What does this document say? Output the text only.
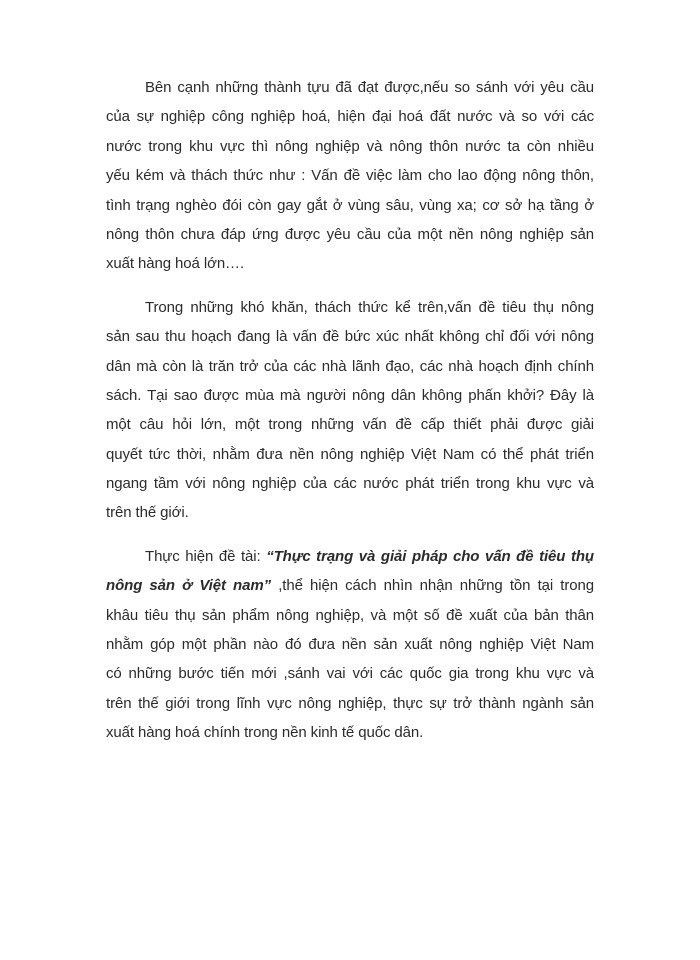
Bên cạnh những thành tựu đã đạt được,nếu so sánh với yêu cầu
của sự nghiệp công nghiệp hoá, hiện đại hoá đất nước và so với các
nước trong khu vực thì nông nghiệp và nông thôn nước ta còn nhiều
yếu kém và thách thức như : Vấn đề việc làm cho lao động nông thôn,
tình trạng nghèo đói còn gay gắt ở vùng sâu, vùng xa; cơ sở hạ tầng ở
nông thôn chưa đáp ứng được yêu cầu của một nền nông nghiệp sản
xuất hàng hoá lớn….
Trong những khó khăn, thách thức kể trên,vấn đề tiêu thụ nông
sản sau thu hoạch đang là vấn đề bức xúc nhất không chỉ đối với nông
dân mà còn là trăn trở của các nhà lãnh đạo, các nhà hoạch định chính
sách. Tại sao được mùa mà người nông dân không phấn khởi? Đây là
một câu hỏi lớn, một trong những vấn đề cấp thiết phải được giải
quyết tức thời, nhằm đưa nền nông nghiệp Việt Nam có thể phát triển
ngang tầm với nông nghiệp của các nước phát triển trong khu vực và
trên thế giới.
Thực hiện đề tài: “Thực trạng và giải pháp cho vấn đề tiêu thụ
nông sản ở Việt nam” ,thể hiện cách nhìn nhận những tồn tại trong
khâu tiêu thụ sản phẩm nông nghiệp, và một số đề xuất của bản thân
nhằm góp một phần nào đó đưa nền sản xuất nông nghiệp Việt Nam
có những bước tiến mới ,sánh vai với các quốc gia trong khu vực và
trên thế giới trong lĩnh vực nông nghiệp, thực sự trở thành ngành sản
xuất hàng hoá chính trong nền kinh tế quốc dân.
